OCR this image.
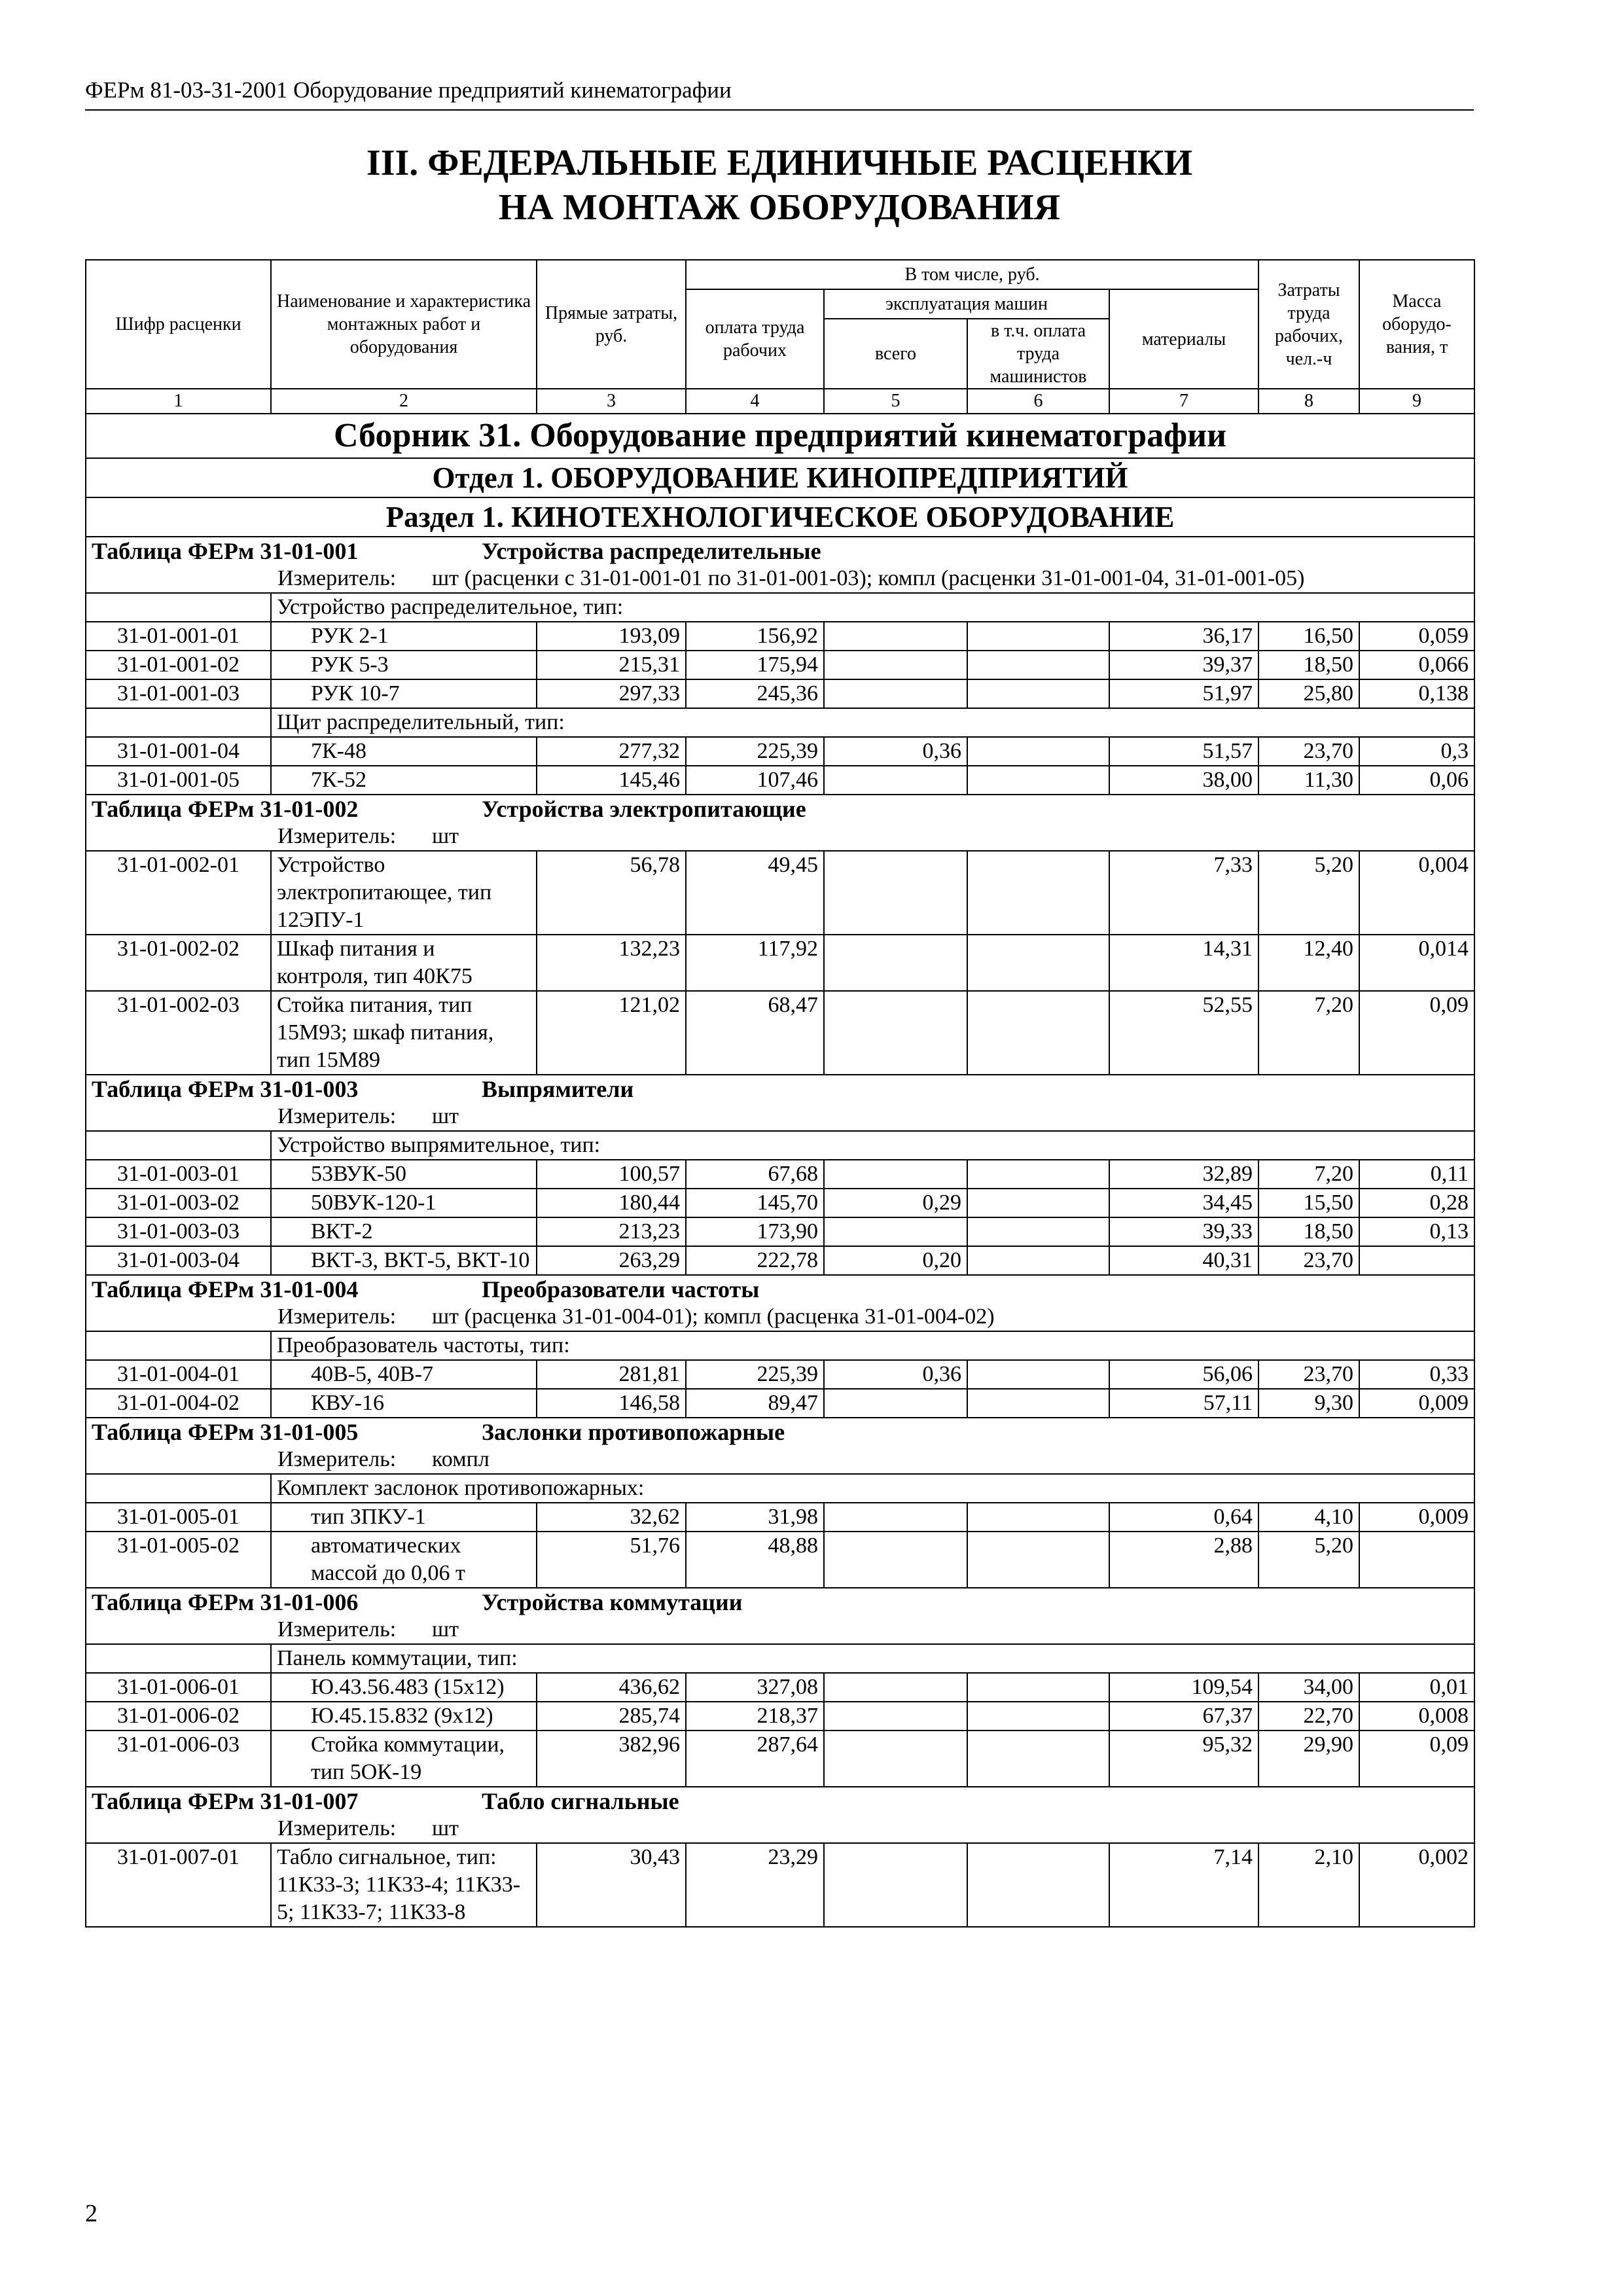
ФЕРм 81-03-31-2001 Оборудование предприятий кинематографии
III. ФЕДЕРАЛЬНЫЕ ЕДИНИЧНЫЕ РАСЦЕНКИ
НА МОНТАЖ ОБОРУДОВАНИЯ
Шифр расценки	Наименование и характеристика монтажных работ и оборудования	Прямые затраты, руб.	В том числе, руб.				Затраты труда рабочих, чел.-ч	Масса оборудо-вания, т
			оплата труда рабочих	эксплуатация машин		материалы		
				всего	в т.ч. оплата труда машинистов			
1	2	3	4	5	6	7	8	9
Сборник 31. Оборудование предприятий кинематографии								
Отдел 1. ОБОРУДОВАНИЕ КИНОПРЕДПРИЯТИЙ								
Раздел 1. КИНОТЕХНОЛОГИЧЕСКОЕ ОБОРУДОВАНИЕ								
Таблица ФЕРм 31-01-001 Устройства распределительные								
Измеритель: шт (расценки с 31-01-001-01 по 31-01-001-03); компл (расценки 31-01-001-04, 31-01-001-05)								
	Устройство распределительное, тип:							
31-01-001-01	РУК 2-1	193,09	156,92			36,17	16,50	0,059
31-01-001-02	РУК 5-3	215,31	175,94			39,37	18,50	0,066
31-01-001-03	РУК 10-7	297,33	245,36			51,97	25,80	0,138
	Щит распределительный, тип:							
31-01-001-04	7К-48	277,32	225,39	0,36		51,57	23,70	0,3
31-01-001-05	7К-52	145,46	107,46			38,00	11,30	0,06
Таблица ФЕРм 31-01-002 Устройства электропитающие								
Измеритель: шт								
31-01-002-01	Устройство электропитающее, тип 12ЭПУ-1	56,78	49,45			7,33	5,20	0,004
31-01-002-02	Шкаф питания и контроля, тип 40К75	132,23	117,92			14,31	12,40	0,014
31-01-002-03	Стойка питания, тип 15М93; шкаф питания, тип 15М89	121,02	68,47			52,55	7,20	0,09
Таблица ФЕРм 31-01-003 Выпрямители								
Измеритель: шт								
	Устройство выпрямительное, тип:							
31-01-003-01	53ВУК-50	100,57	67,68			32,89	7,20	0,11
31-01-003-02	50ВУК-120-1	180,44	145,70	0,29		34,45	15,50	0,28
31-01-003-03	ВКТ-2	213,23	173,90			39,33	18,50	0,13
31-01-003-04	ВКТ-3, ВКТ-5, ВКТ-10	263,29	222,78	0,20		40,31	23,70	
Таблица ФЕРм 31-01-004 Преобразователи частоты								
Измеритель: шт (расценка 31-01-004-01); компл (расценка 31-01-004-02)								
	Преобразователь частоты, тип:							
31-01-004-01	40В-5, 40В-7	281,81	225,39	0,36		56,06	23,70	0,33
31-01-004-02	КВУ-16	146,58	89,47			57,11	9,30	0,009
Таблица ФЕРм 31-01-005 Заслонки противопожарные								
Измеритель: компл								
	Комплект заслонок противопожарных:							
31-01-005-01	тип ЗПКУ-1	32,62	31,98			0,64	4,10	0,009
31-01-005-02	автоматических массой до 0,06 т	51,76	48,88			2,88	5,20	
Таблица ФЕРм 31-01-006 Устройства коммутации								
Измеритель: шт								
	Панель коммутации, тип:							
31-01-006-01	Ю.43.56.483 (15х12)	436,62	327,08			109,54	34,00	0,01
31-01-006-02	Ю.45.15.832 (9х12)	285,74	218,37			67,37	22,70	0,008
31-01-006-03	Стойка коммутации, тип 5ОК-19	382,96	287,64			95,32	29,90	0,09
Таблица ФЕРм 31-01-007 Табло сигнальные								
Измеритель: шт								
31-01-007-01	Табло сигнальное, тип: 11К33-3; 11К33-4; 11К33-5; 11К33-7; 11К33-8	30,43	23,29			7,14	2,10	0,002
2
